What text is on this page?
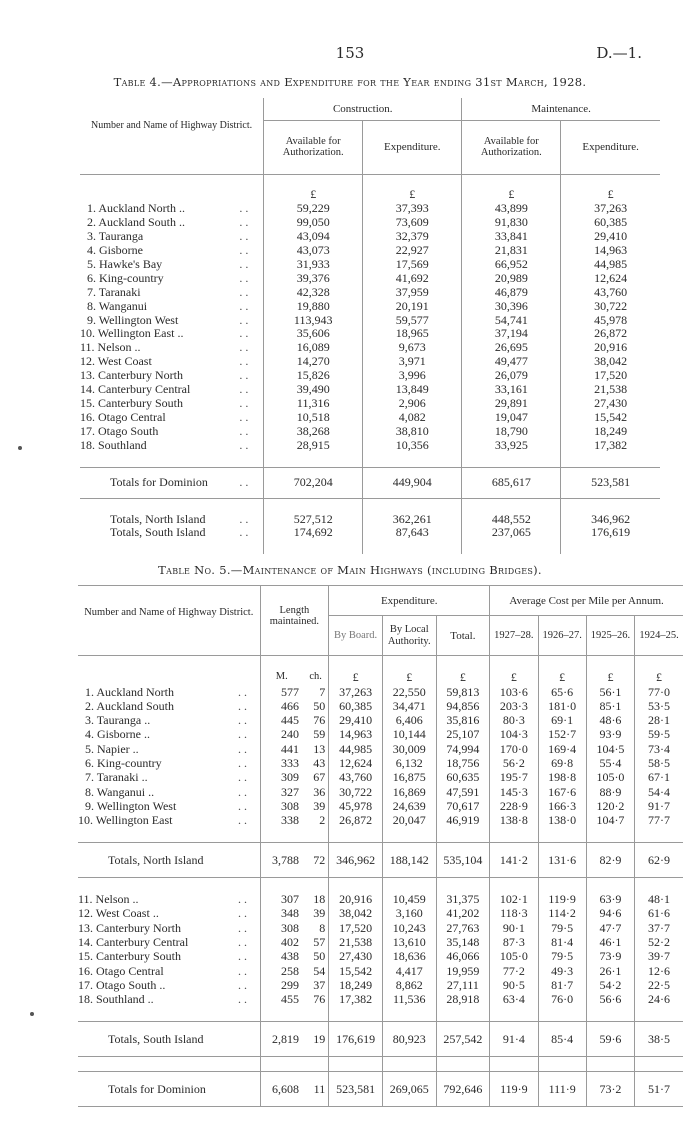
153	D.—1.
Table 4.—Appropriations and Expenditure for the Year ending 31st March, 1928.
Number and Name of Highway District.		Construction.		Maintenance.	
		Available for Authorization.	Expenditure.	Available for Authorization.	Expenditure.

		£	£	£	£
1. Auckland North ..	. .	59,229	37,393	43,899	37,263
2. Auckland South ..	. .	99,050	73,609	91,830	60,385
3. Tauranga	. .	43,094	32,379	33,841	29,410
4. Gisborne	. .	43,073	22,927	21,831	14,963
5. Hawke's Bay	. .	31,933	17,569	66,952	44,985
6. King-country	. .	39,376	41,692	20,989	12,624
7. Taranaki	. .	42,328	37,959	46,879	43,760
8. Wanganui	. .	19,880	20,191	30,396	30,722
9. Wellington West	. .	113,943	59,577	54,741	45,978
10. Wellington East ..	. .	35,606	18,965	37,194	26,872
11. Nelson ..	. .	16,089	9,673	26,695	20,916
12. West Coast	. .	14,270	3,971	49,477	38,042
13. Canterbury North	. .	15,826	3,996	26,079	17,520
14. Canterbury Central	. .	39,490	13,849	33,161	21,538
15. Canterbury South	. .	11,316	2,906	29,891	27,430
16. Otago Central	. .	10,518	4,082	19,047	15,542
17. Otago South	. .	38,268	38,810	18,790	18,249
18. Southland	. .	28,915	10,356	33,925	17,382

Totals for Dominion	. .	702,204	449,904	685,617	523,581

Totals, North Island	. .	527,512	362,261	448,552	346,962
Totals, South Island	. .	174,692	87,643	237,065	176,619

Table No. 5.—Maintenance of Main Highways (including Bridges).
Number and Name of Highway District.		Length maintained.		Expenditure.			Average Cost per Mile per Annum.			
				By Board.	By Local Authority.	Total.	1927–28.	1926–27.	1925–26.	1924–25.

		M.	ch.	£	£	£	£	£	£	£
1. Auckland North	. .	577	7	37,263	22,550	59,813	103·6	65·6	56·1	77·0
2. Auckland South	. .	466	50	60,385	34,471	94,856	203·3	181·0	85·1	53·5
3. Tauranga ..	. .	445	76	29,410	6,406	35,816	80·3	69·1	48·6	28·1
4. Gisborne ..	. .	240	59	14,963	10,144	25,107	104·3	152·7	93·9	59·5
5. Napier ..	. .	441	13	44,985	30,009	74,994	170·0	169·4	104·5	73·4
6. King-country	. .	333	43	12,624	6,132	18,756	56·2	69·8	55·4	58·5
7. Taranaki ..	. .	309	67	43,760	16,875	60,635	195·7	198·8	105·0	67·1
8. Wanganui ..	. .	327	36	30,722	16,869	47,591	145·3	167·6	88·9	54·4
9. Wellington West	. .	308	39	45,978	24,639	70,617	228·9	166·3	120·2	91·7
10. Wellington East	. .	338	2	26,872	20,047	46,919	138·8	138·0	104·7	77·7

Totals, North Island		3,788	72	346,962	188,142	535,104	141·2	131·6	82·9	62·9

11. Nelson ..	. .	307	18	20,916	10,459	31,375	102·1	119·9	63·9	48·1
12. West Coast ..	. .	348	39	38,042	3,160	41,202	118·3	114·2	94·6	61·6
13. Canterbury North	. .	308	8	17,520	10,243	27,763	90·1	79·5	47·7	37·7
14. Canterbury Central	. .	402	57	21,538	13,610	35,148	87·3	81·4	46·1	52·2
15. Canterbury South	. .	438	50	27,430	18,636	46,066	105·0	79·5	73·9	39·7
16. Otago Central	. .	258	54	15,542	4,417	19,959	77·2	49·3	26·1	12·6
17. Otago South ..	. .	299	37	18,249	8,862	27,111	90·5	81·7	54·2	22·5
18. Southland ..	. .	455	76	17,382	11,536	28,918	63·4	76·0	56·6	24·6

Totals, South Island		2,819	19	176,619	80,923	257,542	91·4	85·4	59·6	38·5

Totals for Dominion		6,608	11	523,581	269,065	792,646	119·9	111·9	73·2	51·7
